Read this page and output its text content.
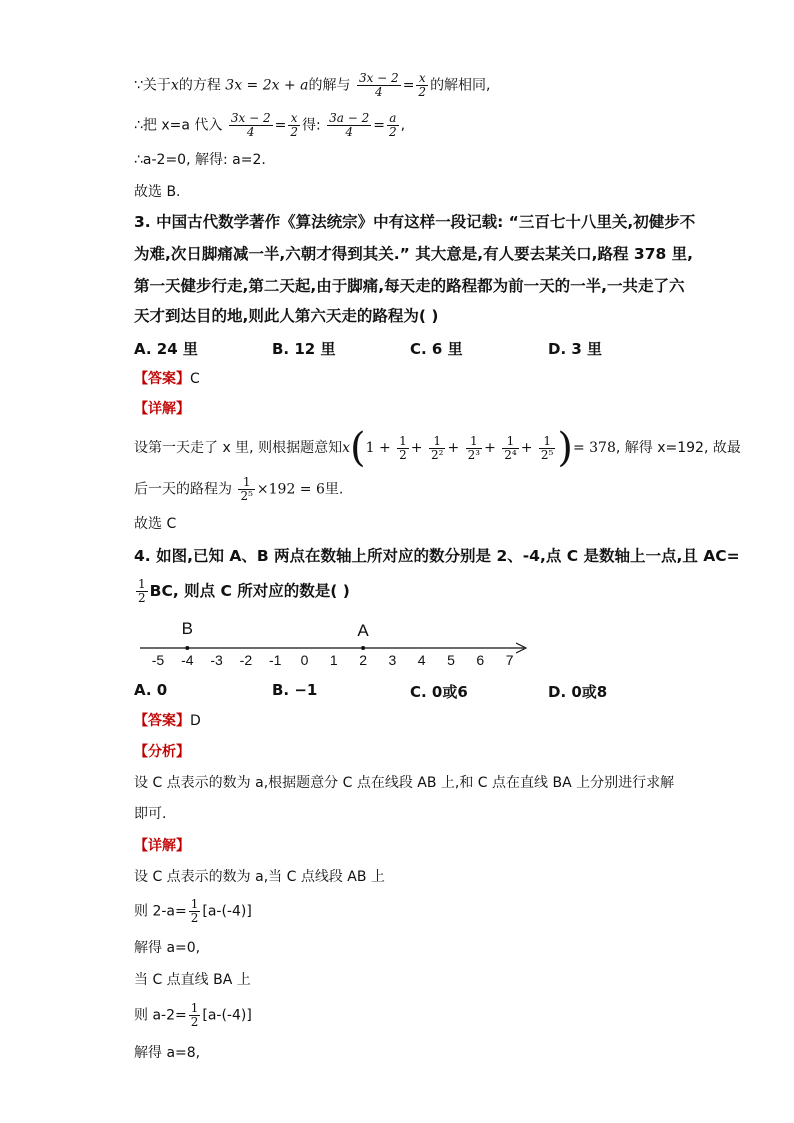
∵关于x的方程 3x = 2x + a的解与 $\frac{3x - 2}{4} = \frac{x}{2}$ 的解相同,
∴把 x=a 代入 $\frac{3x - 2}{4} = \frac{x}{2}$ 得: $\frac{3a - 2}{4} = \frac{a}{2}$ ,
∴a-2=0, 解得: a=2.
故选 B.
3. 中国古代数学著作《算法统宗》中有这样一段记载: “三百七十八里关,初健步不
为难,次日脚痛减一半,六朝才得到其关.” 其大意是,有人要去某关口,路程 378 里,
第一天健步行走,第二天起,由于脚痛,每天走的路程都为前一天的一半,一共走了六
天才到达目的地,则此人第六天走的路程为( )
A. 24 里	B. 12 里	C. 6 里	D. 3 里
【答案】C
【详解】
设第一天走了 x 里, 则根据题意知$x(1 + \frac{1}{2} + \frac{1}{\text{2²}} + \frac{1}{\text{2³}} + \frac{1}{\text{2⁴}} + \frac{1}{\text{2⁵}}$ )= 378, 解得 x=192, 故最
后一天的路程为 $\frac{1}{\text{2⁵}} \times 192 = 6$里.
故选 C
4. 如图,已知 A、B 两点在数轴上所对应的数分别是 2、-4,点 C 是数轴上一点,且 AC=
$\frac{1}{2}$ BC, 则点 C 所对应的数是( )
B	A
-5 -4 -3 -2 -1 0 1 2 3 4 5 6 7
A. 0	B. −1	C. 0或6	D. 0或8
【答案】D
【分析】
设 C 点表示的数为 a,根据题意分 C 点在线段 AB 上,和 C 点在直线 BA 上分别进行求解
即可.
【详解】
设 C 点表示的数为 a,当 C 点线段 AB 上
则 $2-a= \frac{1}{2} [a-(-4)]$
解得 a=0,
当 C 点直线 BA 上
则 $a-2= \frac{1}{2} [a-(-4)]$
解得 a=8,
